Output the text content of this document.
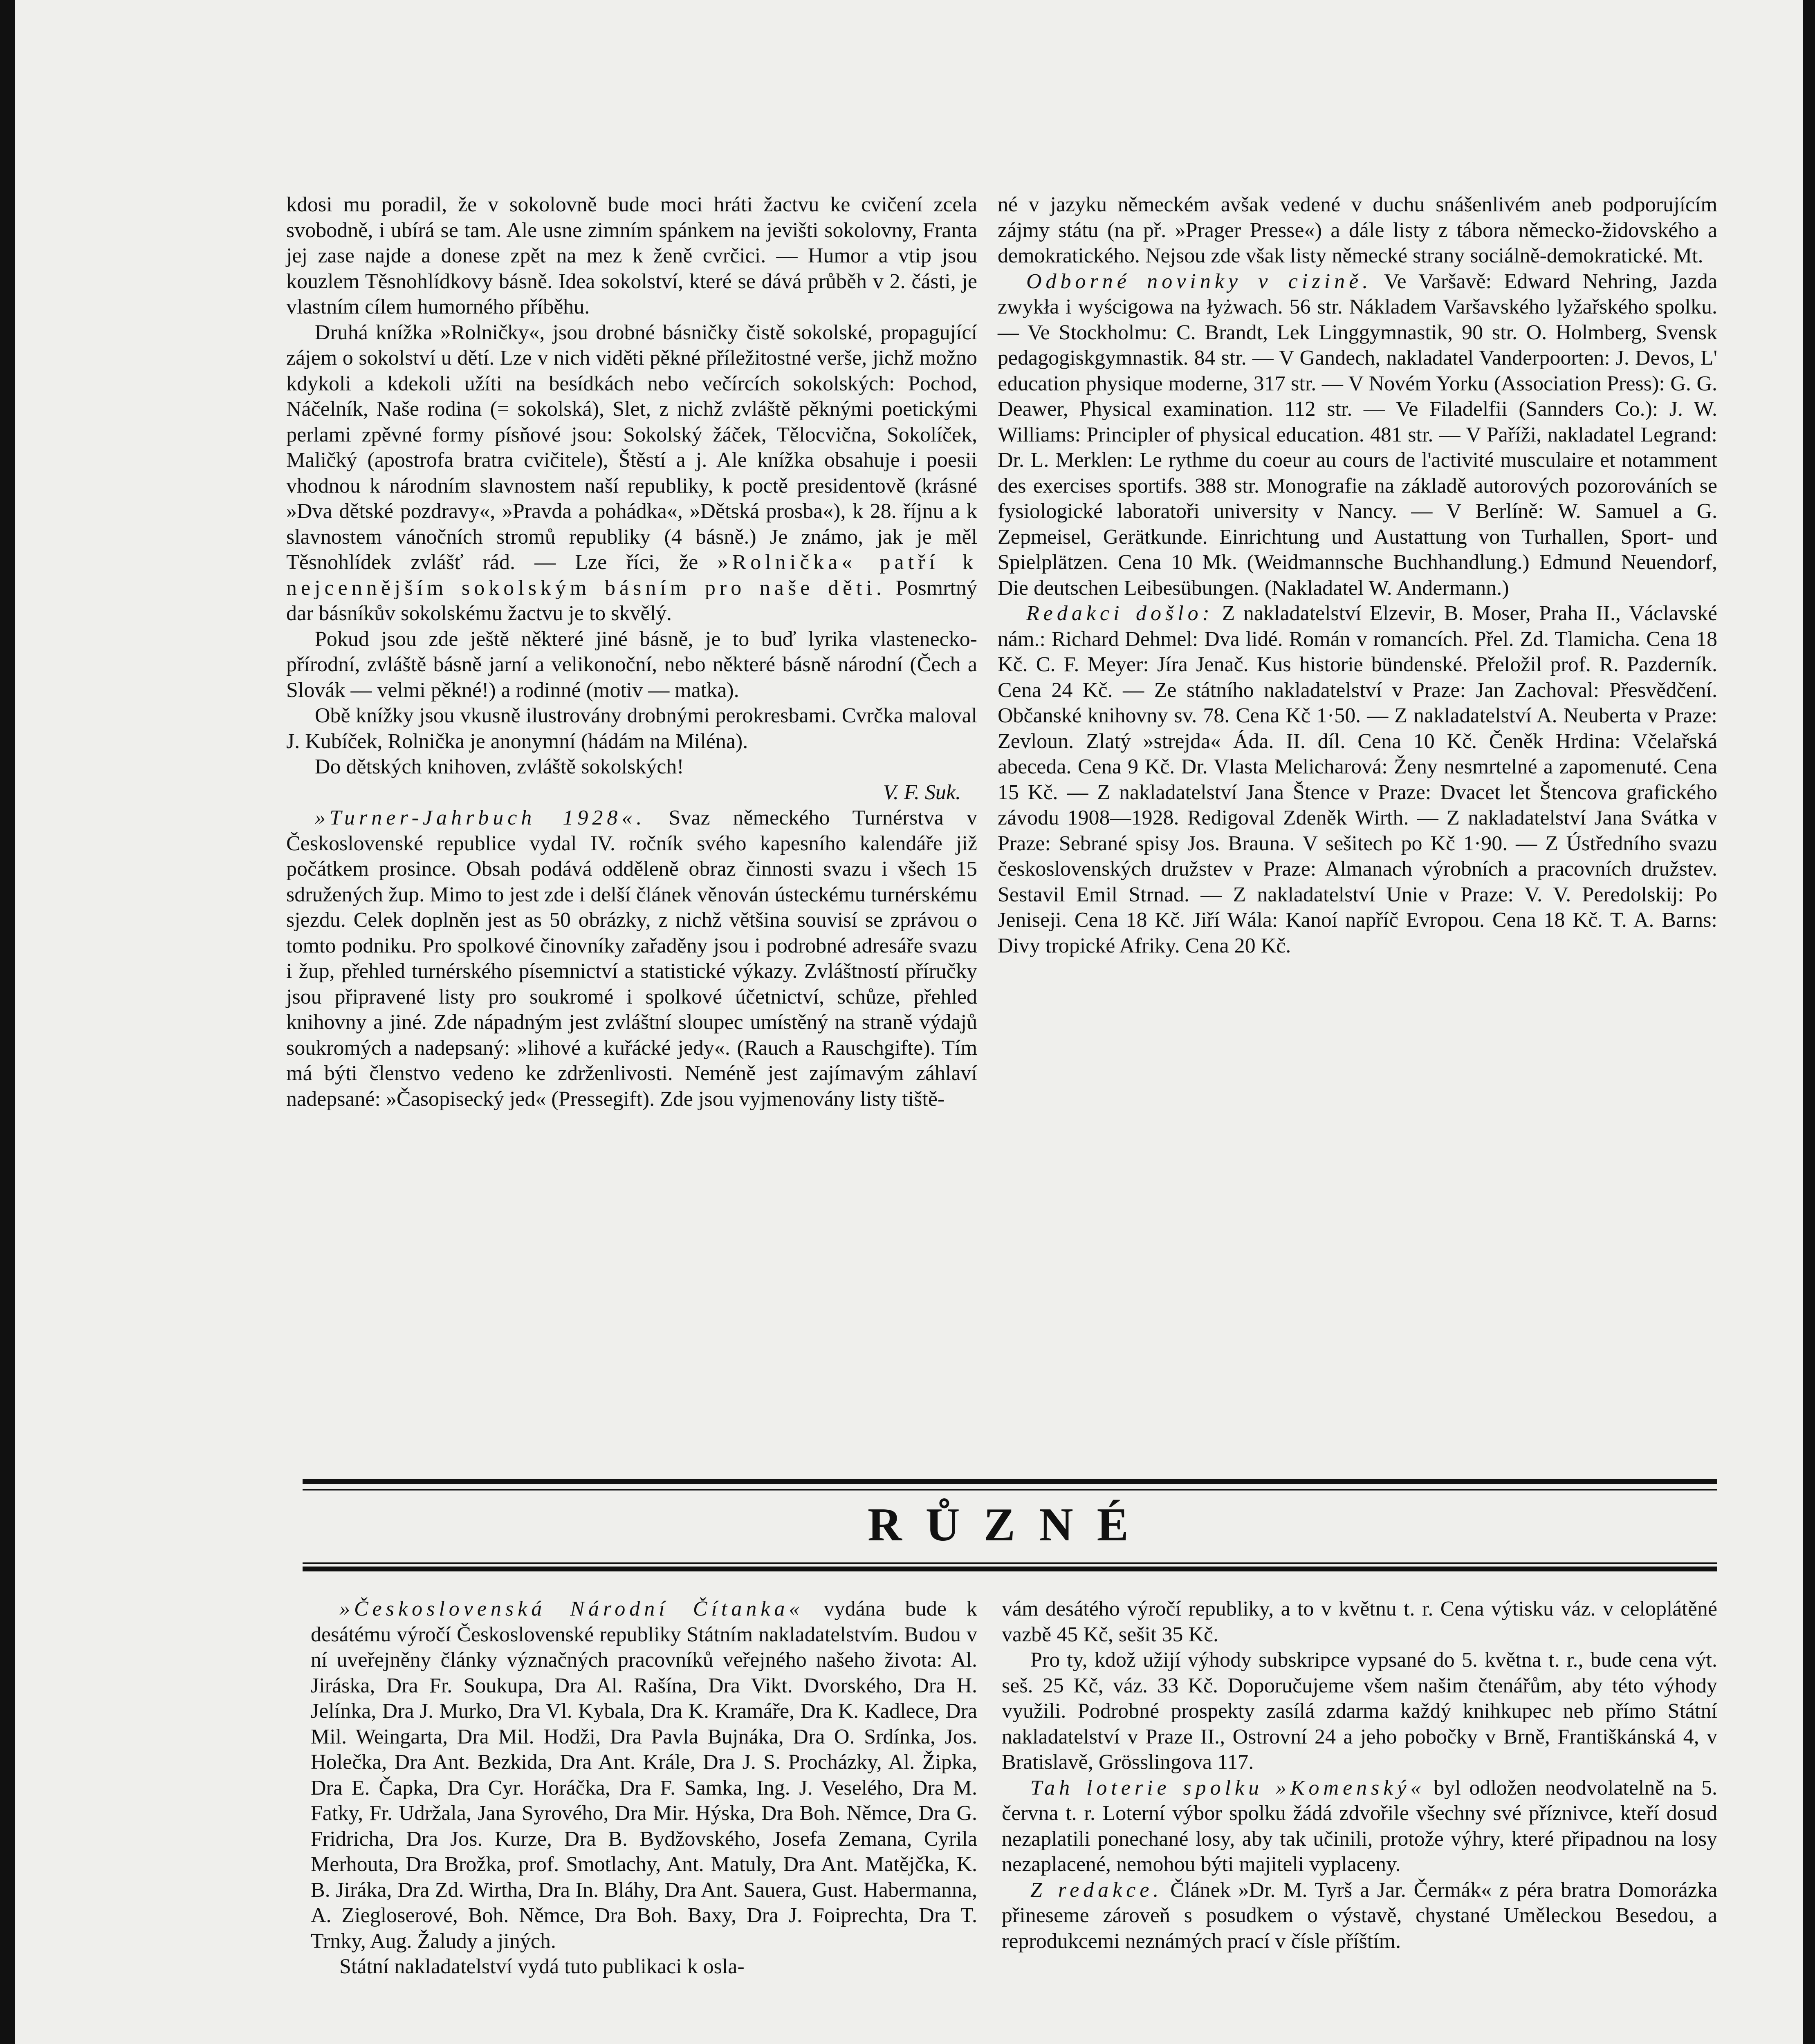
kdosi mu poradil, že v sokolovně bude moci hráti žactvu ke cvičení zcela svobodně, i ubírá se tam. Ale usne zimním spánkem na jevišti sokolovny, Franta jej zase najde a donese zpět na mez k ženě cvrčici. — Humor a vtip jsou kouzlem Těsnohlídkovy básně. Idea sokolství, které se dává průběh v 2. části, je vlastním cílem humorného příběhu.

Druhá knížka »Rolničky«, jsou drobné básničky čistě sokolské, propagující zájem o sokolství u dětí. Lze v nich viděti pěkné příležitostné verše, jichž možno kdykoli a kdekoli užíti na besídkách nebo večírcích sokolských: Pochod, Náčelník, Naše rodina (= sokolská), Slet, z nichž zvláště pěknými poetickými perlami zpěvné formy písňové jsou: Sokolský žáček, Tělocvična, Sokolíček, Maličký (apostrofa bratra cvičitele), Štěstí a j. Ale knížka obsahuje i poesii vhodnou k národním slavnostem naší republiky, k poctě presidentově (krásné »Dva dětské pozdravy«, »Pravda a pohádka«, »Dětská prosba«), k 28. říjnu a k slavnostem vánočních stromů republiky (4 básně.) Je známo, jak je měl Těsnohlídek zvlášť rád. — Lze říci, že »Rolnička« patří k nejcennějším sokolským básním pro naše děti. Posmrtný dar básníkův sokolskému žactvu je to skvělý.

Pokud jsou zde ještě některé jiné básně, je to buď lyrika vlastenecko-přírodní, zvláště básně jarní a velikonoční, nebo některé básně národní (Čech a Slovák — velmi pěkné!) a rodinné (motiv — matka).

Obě knížky jsou vkusně ilustrovány drobnými perokresbami. Cvrčka maloval J. Kubíček, Rolnička je anonymní (hádám na Miléna).

Do dětských knihoven, zvláště sokolských!

V. F. Suk.

»Turner-Jahrbuch 1928«. Svaz německého Turnérstva v Československé republice vydal IV. ročník svého kapesního kalendáře již počátkem prosince. Obsah podává odděleně obraz činnosti svazu i všech 15 sdružených žup. Mimo to jest zde i delší článek věnován ústeckému turnérskému sjezdu. Celek doplněn jest as 50 obrázky, z nichž většina souvisí se zprávou o tomto podniku. Pro spolkové činovníky zařaděny jsou i podrobné adresáře svazu i žup, přehled turnérského písemnictví a statistické výkazy. Zvláštností příručky jsou připravené listy pro soukromé i spolkové účetnictví, schůze, přehled knihovny a jiné. Zde nápadným jest zvláštní sloupec umístěný na straně výdajů soukromých a nadepsaný: »lihové a kuřácké jedy«. (Rauch a Rauschgifte). Tím má býti členstvo vedeno ke zdrženlivosti. Neméně jest zajímavým záhlaví nadepsané: »Časopisecký jed« (Pressegift). Zde jsou vyjmenovány listy tiště-

né v jazyku německém avšak vedené v duchu snášenlivém aneb podporujícím zájmy státu (na př. »Prager Presse«) a dále listy z tábora německo-židovského a demokratického. Nejsou zde však listy německé strany sociálně-demokratické. Mt.

Odborné novinky v cizině. Ve Varšavě: Edward Nehring, Jazda zwykła i wyścigowa na łyżwach. 56 str. Nákladem Varšavského lyžařského spolku. — Ve Stockholmu: C. Brandt, Lek Linggymnastik, 90 str. O. Holmberg, Svensk pedagogiskgymnastik. 84 str. — V Gandech, nakladatel Vanderpoorten: J. Devos, L' education physique moderne, 317 str. — V Novém Yorku (Association Press): G. G. Deawer, Physical examination. 112 str. — Ve Filadelfii (Sannders Co.): J. W. Williams: Principler of physical education. 481 str. — V Paříži, nakladatel Legrand: Dr. L. Merklen: Le rythme du coeur au cours de l'activité musculaire et notamment des exercises sportifs. 388 str. Monografie na základě autorových pozorováních se fysiologické laboratoři university v Nancy. — V Berlíně: W. Samuel a G. Zepmeisel, Gerätkunde. Einrichtung und Austattung von Turhallen, Sport- und Spielplätzen. Cena 10 Mk. (Weidmannsche Buchhandlung.) Edmund Neuendorf, Die deutschen Leibesübungen. (Nakladatel W. Andermann.)

Redakci došlo: Z nakladatelství Elzevir, B. Moser, Praha II., Václavské nám.: Richard Dehmel: Dva lidé. Román v romancích. Přel. Zd. Tlamicha. Cena 18 Kč. C. F. Meyer: Jíra Jenač. Kus historie bündenské. Přeložil prof. R. Pazderník. Cena 24 Kč. — Ze státního nakladatelství v Praze: Jan Zachoval: Přesvědčení. Občanské knihovny sv. 78. Cena Kč 1·50. — Z nakladatelství A. Neuberta v Praze: Zevloun. Zlatý »strejda« Áda. II. díl. Cena 10 Kč. Čeněk Hrdina: Včelařská abeceda. Cena 9 Kč. Dr. Vlasta Melicharová: Ženy nesmrtelné a zapomenuté. Cena 15 Kč. — Z nakladatelství Jana Štence v Praze: Dvacet let Štencova grafického závodu 1908—1928. Redigoval Zdeněk Wirth. — Z nakladatelství Jana Svátka v Praze: Sebrané spisy Jos. Brauna. V sešitech po Kč 1·90. — Z Ústředního svazu československých družstev v Praze: Almanach výrobních a pracovních družstev. Sestavil Emil Strnad. — Z nakladatelství Unie v Praze: V. V. Peredolskij: Po Jeniseji. Cena 18 Kč. Jiří Wála: Kanoí napříč Evropou. Cena 18 Kč. T. A. Barns: Divy tropické Afriky. Cena 20 Kč.

RŮZNÉ

»Československá Národní Čítanka« vydána bude k desátému výročí Československé republiky Státním nakladatelstvím. Budou v ní uveřejněny články význačných pracovníků veřejného našeho života: Al. Jiráska, Dra Fr. Soukupa, Dra Al. Rašína, Dra Vikt. Dvorského, Dra H. Jelínka, Dra J. Murko, Dra Vl. Kybala, Dra K. Kramáře, Dra K. Kadlece, Dra Mil. Weingarta, Dra Mil. Hodži, Dra Pavla Bujnáka, Dra O. Srdínka, Jos. Holečka, Dra Ant. Bezkida, Dra Ant. Krále, Dra J. S. Procházky, Al. Žipka, Dra E. Čapka, Dra Cyr. Horáčka, Dra F. Samka, Ing. J. Veselého, Dra M. Fatky, Fr. Udržala, Jana Syrového, Dra Mir. Hýska, Dra Boh. Němce, Dra G. Fridricha, Dra Jos. Kurze, Dra B. Bydžovského, Josefa Zemana, Cyrila Merhouta, Dra Brožka, prof. Smotlachy, Ant. Matuly, Dra Ant. Matějčka, K. B. Jiráka, Dra Zd. Wirtha, Dra In. Bláhy, Dra Ant. Sauera, Gust. Habermanna, A. Ziegloserové, Boh. Němce, Dra Boh. Baxy, Dra J. Foiprechta, Dra T. Trnky, Aug. Žaludy a jiných.

Státní nakladatelství vydá tuto publikaci k osla-

vám desátého výročí republiky, a to v květnu t. r. Cena výtisku váz. v celoplátěné vazbě 45 Kč, sešit 35 Kč.

Pro ty, kdož užijí výhody subskripce vypsané do 5. května t. r., bude cena výt. seš. 25 Kč, váz. 33 Kč. Doporučujeme všem našim čtenářům, aby této výhody využili. Podrobné prospekty zasílá zdarma každý knihkupec neb přímo Státní nakladatelství v Praze II., Ostrovní 24 a jeho pobočky v Brně, Františkánská 4, v Bratislavě, Grösslingova 117.

Tah loterie spolku »Komenský« byl odložen neodvolatelně na 5. června t. r. Loterní výbor spolku žádá zdvořile všechny své příznivce, kteří dosud nezaplatili ponechané losy, aby tak učinili, protože výhry, které připadnou na losy nezaplacené, nemohou býti majiteli vyplaceny.

Z redakce. Článek »Dr. M. Tyrš a Jar. Čermák« z péra bratra Domorázka přineseme zároveň s posudkem o výstavě, chystané Uměleckou Besedou, a reprodukcemi neznámých prací v čísle příštím.
